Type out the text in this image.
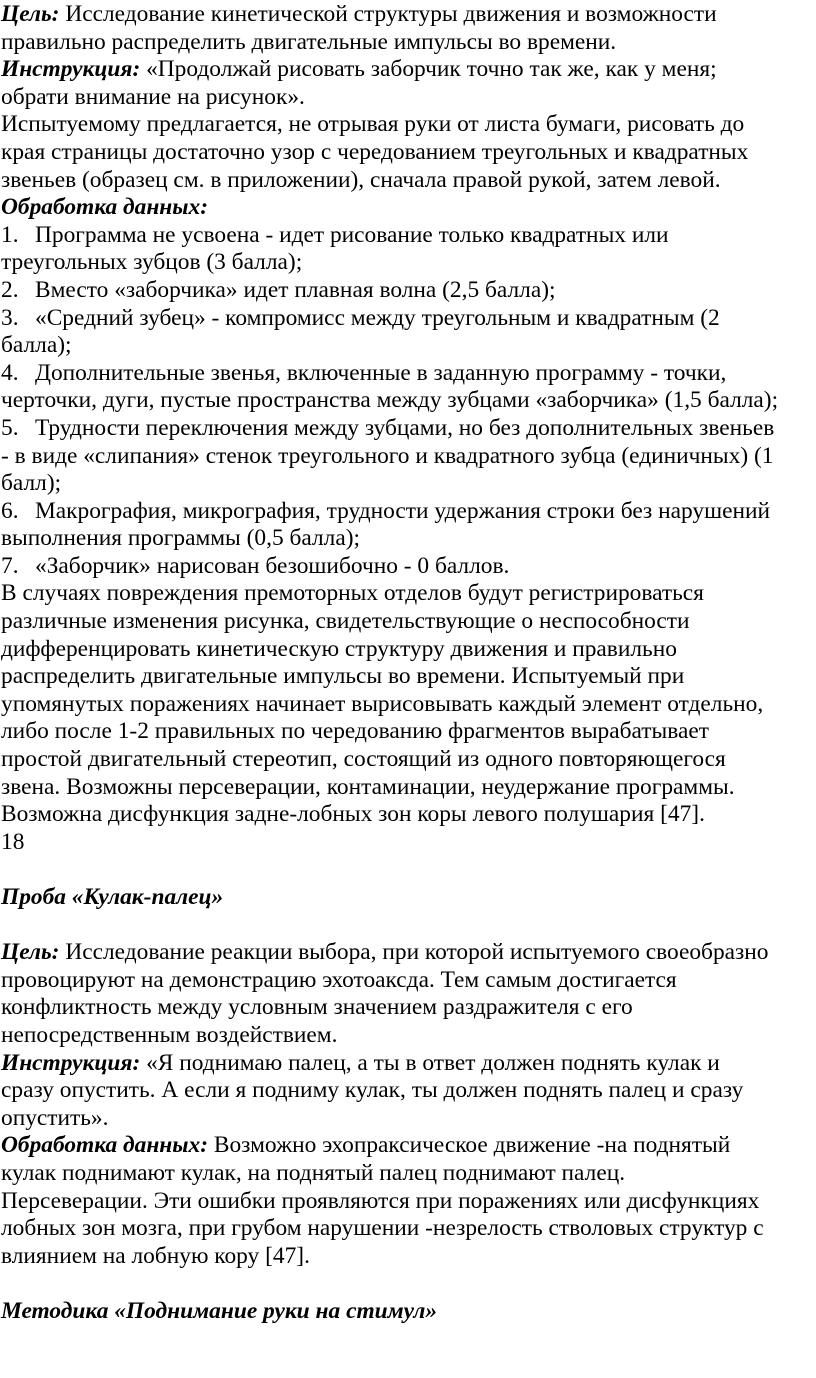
Цель: Исследование кинетической структуры движения и возможности

правильно распределить двигательные импульсы во времени.

Инструкция: «Продолжай рисовать заборчик точно так же, как у меня;

обрати внимание на рисунок».

Испытуемому предлагается, не отрывая руки от листа бумаги, рисовать до

края страницы достаточно узор с чередованием треугольных и квадратных

звеньев (образец см. в приложении), сначала правой рукой, затем левой.

Обработка данных:

1. Программа не усвоена - идет рисование только квадратных или

треугольных зубцов (3 балла);

2. Вместо «заборчика» идет плавная волна (2,5 балла);

3. «Средний зубец» - компромисс между треугольным и квадратным (2

балла);

4. Дополнительные звенья, включенные в заданную программу - точки,

черточки, дуги, пустые пространства между зубцами «заборчика» (1,5 балла);

5. Трудности переключения между зубцами, но без дополнительных звеньев

- в виде «слипания» стенок треугольного и квадратного зубца (единичных) (1

балл);

6. Макрография, микрография, трудности удержания строки без нарушений

выполнения программы (0,5 балла);

7. «Заборчик» нарисован безошибочно - 0 баллов.

В случаях повреждения премоторных отделов будут регистрироваться

различные изменения рисунка, свидетельствующие о неспособности

дифференцировать кинетическую структуру движения и правильно

распределить двигательные импульсы во времени. Испытуемый при

упомянутых поражениях начинает вырисовывать каждый элемент отдельно,

либо после 1-2 правильных по чередованию фрагментов вырабатывает

простой двигательный стереотип, состоящий из одного повторяющегося

звена. Возможны персеверации, контаминации, неудержание программы.

Возможна дисфункция задне-лобных зон коры левого полушария [47].

18

Проба «Кулак-палец»

Цель: Исследование реакции выбора, при которой испытуемого своеобразно

провоцируют на демонстрацию эхотоаксда. Тем самым достигается

конфликтность между условным значением раздражителя с его

непосредственным воздействием.

Инструкция: «Я поднимаю палец, а ты в ответ должен поднять кулак и

сразу опустить. А если я подниму кулак, ты должен поднять палец и сразу

опустить».

Обработка данных: Возможно эхопраксическое движение -на поднятый

кулак поднимают кулак, на поднятый палец поднимают палец.

Персеверации. Эти ошибки проявляются при поражениях или дисфункциях

лобных зон мозга, при грубом нарушении -незрелость стволовых структур с

влиянием на лобную кору [47].

Методика «Поднимание руки на стимул»
